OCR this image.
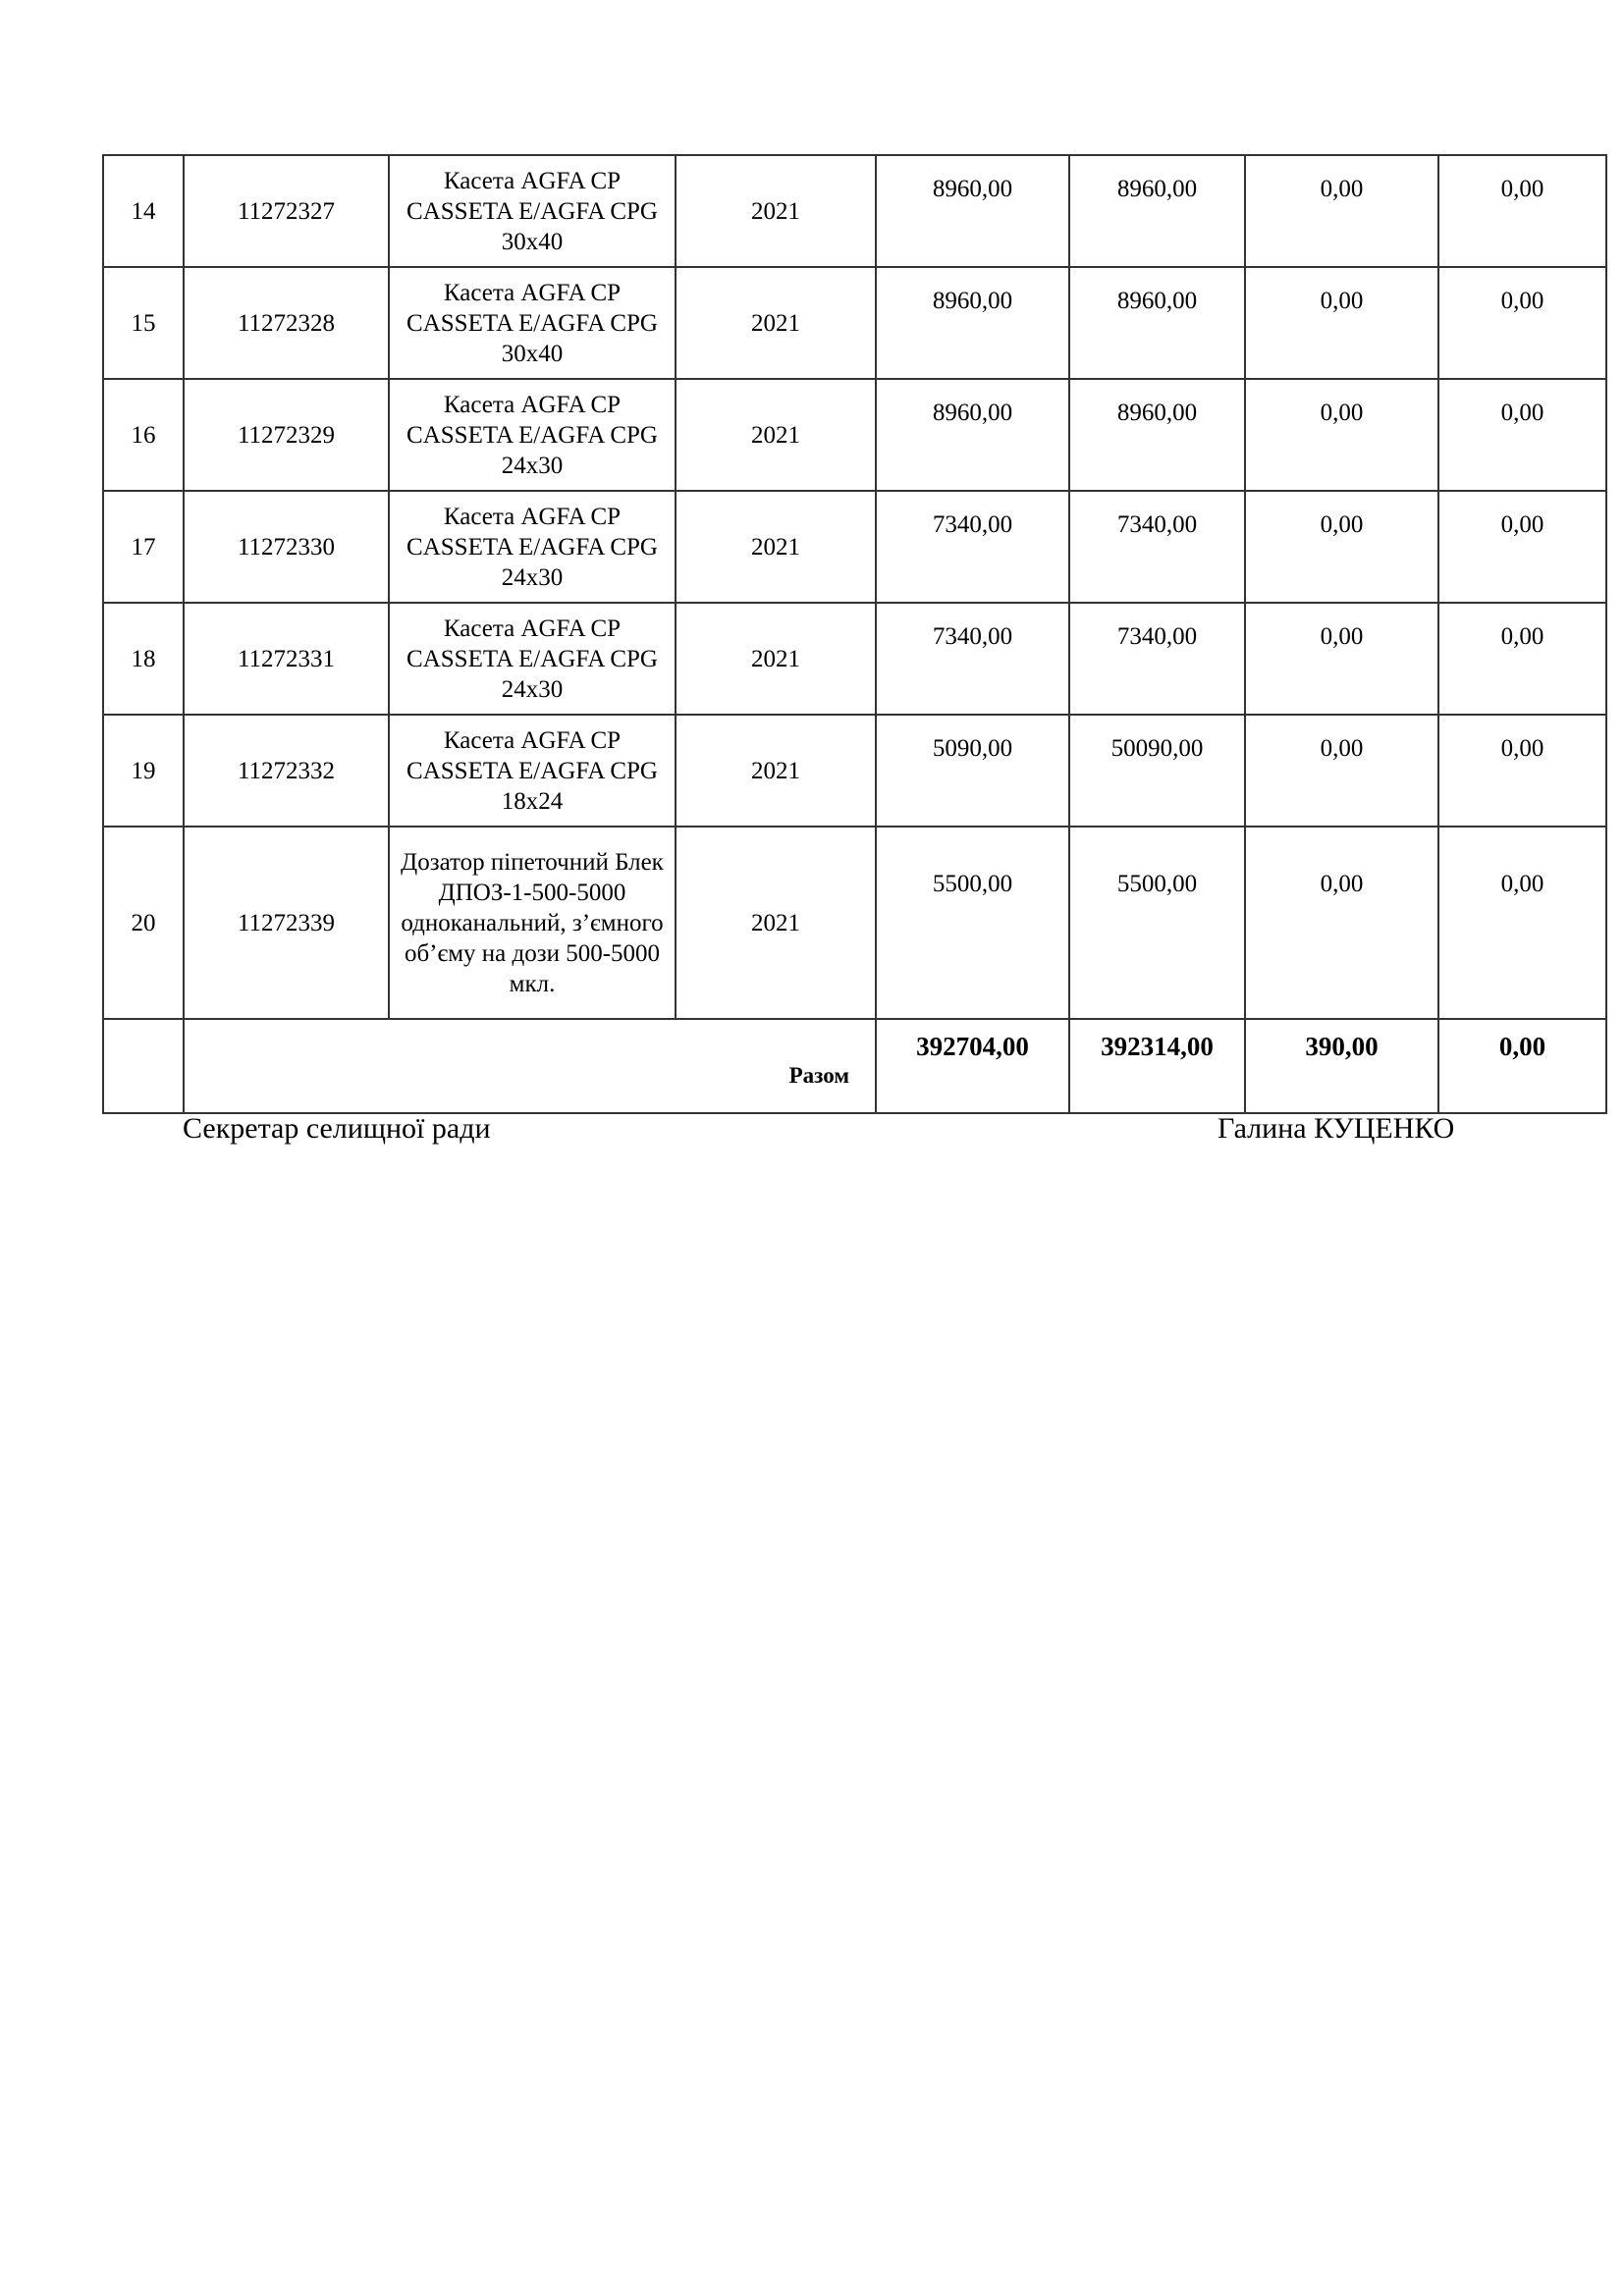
14	11272327	Касета AGFA CP CASSETA E/AGFA CPG 30х40	2021	8960,00	8960,00	0,00	0,00
15	11272328	Касета AGFA CP CASSETA E/AGFA CPG 30х40	2021	8960,00	8960,00	0,00	0,00
16	11272329	Касета AGFA CP CASSETA E/AGFA CPG 24х30	2021	8960,00	8960,00	0,00	0,00
17	11272330	Касета AGFA CP CASSETA E/AGFA CPG 24х30	2021	7340,00	7340,00	0,00	0,00
18	11272331	Касета AGFA CP CASSETA E/AGFA CPG 24х30	2021	7340,00	7340,00	0,00	0,00
19	11272332	Касета AGFA CP CASSETA E/AGFA CPG 18х24	2021	5090,00	50090,00	0,00	0,00
20	11272339	Дозатор піпеточний Блек ДПОЗ-1-500-5000 одноканальний, з’ємного об’єму на дози 500-5000 мкл.	2021	5500,00	5500,00	0,00	0,00
	Разом			392704,00	392314,00	390,00	0,00
Секретар селищної ради	Галина КУЦЕНКО
